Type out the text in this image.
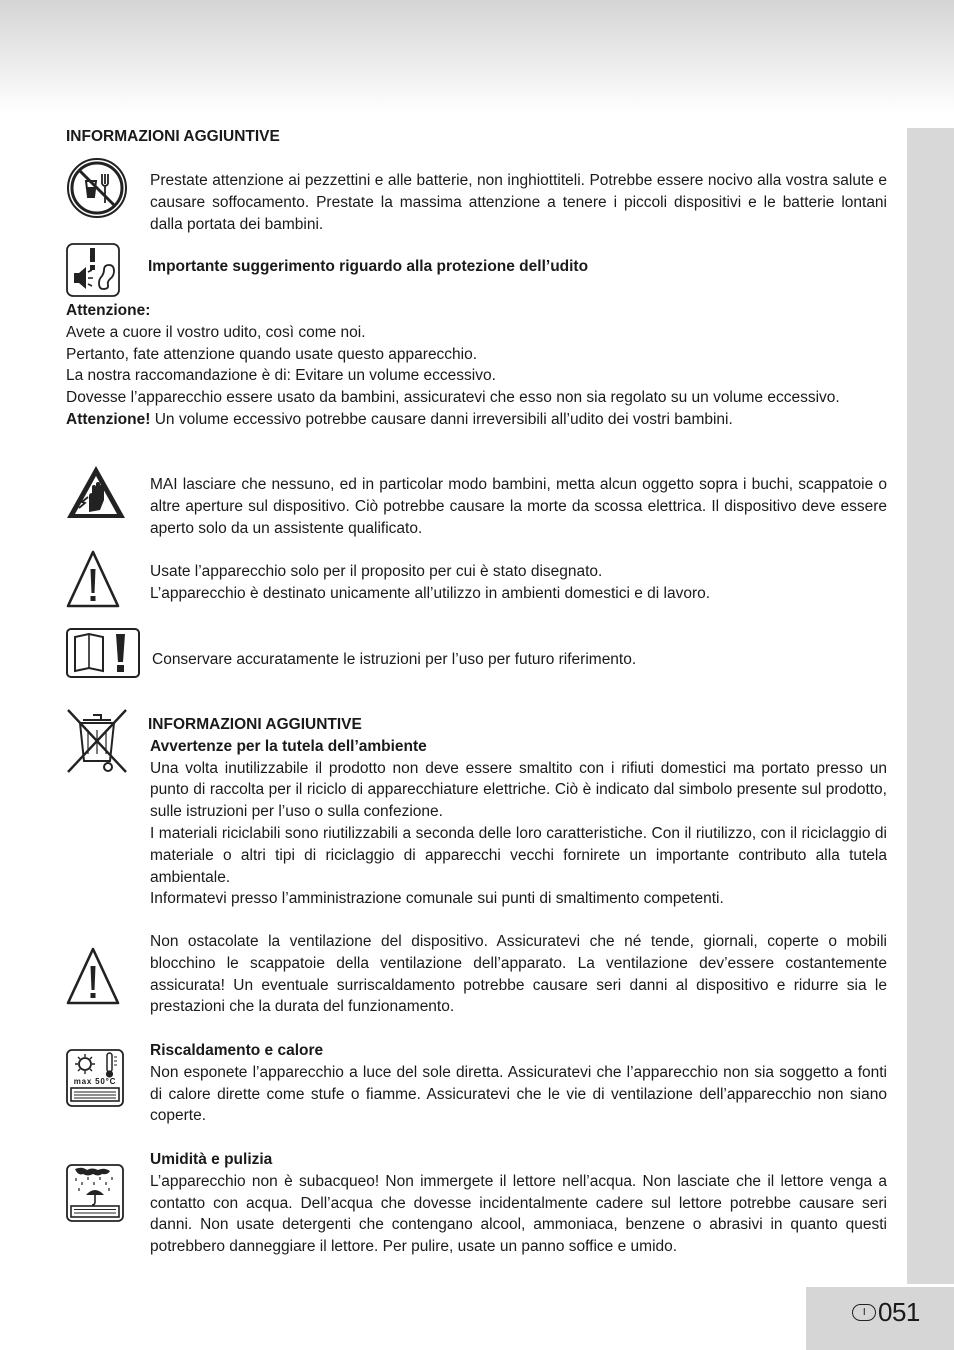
INFORMAZIONI AGGIUNTIVE
Prestate attenzione ai pezzettini e alle batterie, non inghiottiteli. Potrebbe essere nocivo alla vostra salute e causare soffocamento. Prestate la massima attenzione a tenere i piccoli dispositivi e le batterie lontani dalla portata dei bambini.
Importante suggerimento riguardo alla protezione dell’udito

Attenzione:

Avete a cuore il vostro udito, così come noi.

Pertanto, fate attenzione quando usate questo apparecchio.

La nostra raccomandazione è di: Evitare un volume eccessivo.

Dovesse l’apparecchio essere usato da bambini, assicuratevi che esso non sia regolato su un volume eccessivo.

Attenzione! Un volume eccessivo potrebbe causare danni irreversibili all’udito dei vostri bambini.

MAI lasciare che nessuno, ed in particolar modo bambini, metta alcun oggetto sopra i buchi, scappatoie o altre aperture sul dispositivo. Ciò potrebbe causare la morte da scossa elettrica. Il dispositivo deve essere aperto solo da un assistente qualificato.

Usate l’apparecchio solo per il proposito per cui è stato disegnato.

L’apparecchio è destinato unicamente all’utilizzo in ambienti domestici e di lavoro.

Conservare accuratamente le istruzioni per l’uso per futuro riferimento.

INFORMAZIONI AGGIUNTIVE

Avvertenze per la tutela dell’ambiente

Una volta inutilizzabile il prodotto non deve essere smaltito con i rifiuti domestici ma portato presso un punto di raccolta per il riciclo di apparecchiature elettriche. Ciò è indicato dal simbolo presente sul prodotto, sulle istruzioni per l’uso o sulla confezione.

I materiali riciclabili sono riutilizzabili a seconda delle loro caratteristiche. Con il riutilizzo, con il riciclaggio di materiale o altri tipi di riciclaggio di apparecchi vecchi fornirete un importante contributo alla tutela ambientale.

Informatevi presso l’amministrazione comunale sui punti di smaltimento competenti.

Non ostacolate la ventilazione del dispositivo. Assicuratevi che né tende, giornali, coperte o mobili blocchino le scappatoie della ventilazione dell’apparato. La ventilazione dev’essere costantemente assicurata! Un eventuale surriscaldamento potrebbe causare seri danni al dispositivo e ridurre sia le prestazioni che la durata del funzionamento.
max 50°C

Riscaldamento e calore

Non esponete l’apparecchio a luce del sole diretta. Assicuratevi che l’apparecchio non sia soggetto a fonti di calore dirette come stufe o fiamme. Assicuratevi che le vie di ventilazione dell’apparecchio non siano coperte.

Umidità e pulizia

L’apparecchio non è subacqueo! Non immergete il lettore nell’acqua. Non lasciate che il lettore venga a contatto con acqua. Dell’acqua che dovesse incidentalmente cadere sul lettore potrebbe causare seri danni. Non usate detergenti che contengano alcool, ammoniaca, benzene o abrasivi in quanto questi potrebbero danneggiare il lettore. Per pulire, usate un panno soffice e umido.

I 051
